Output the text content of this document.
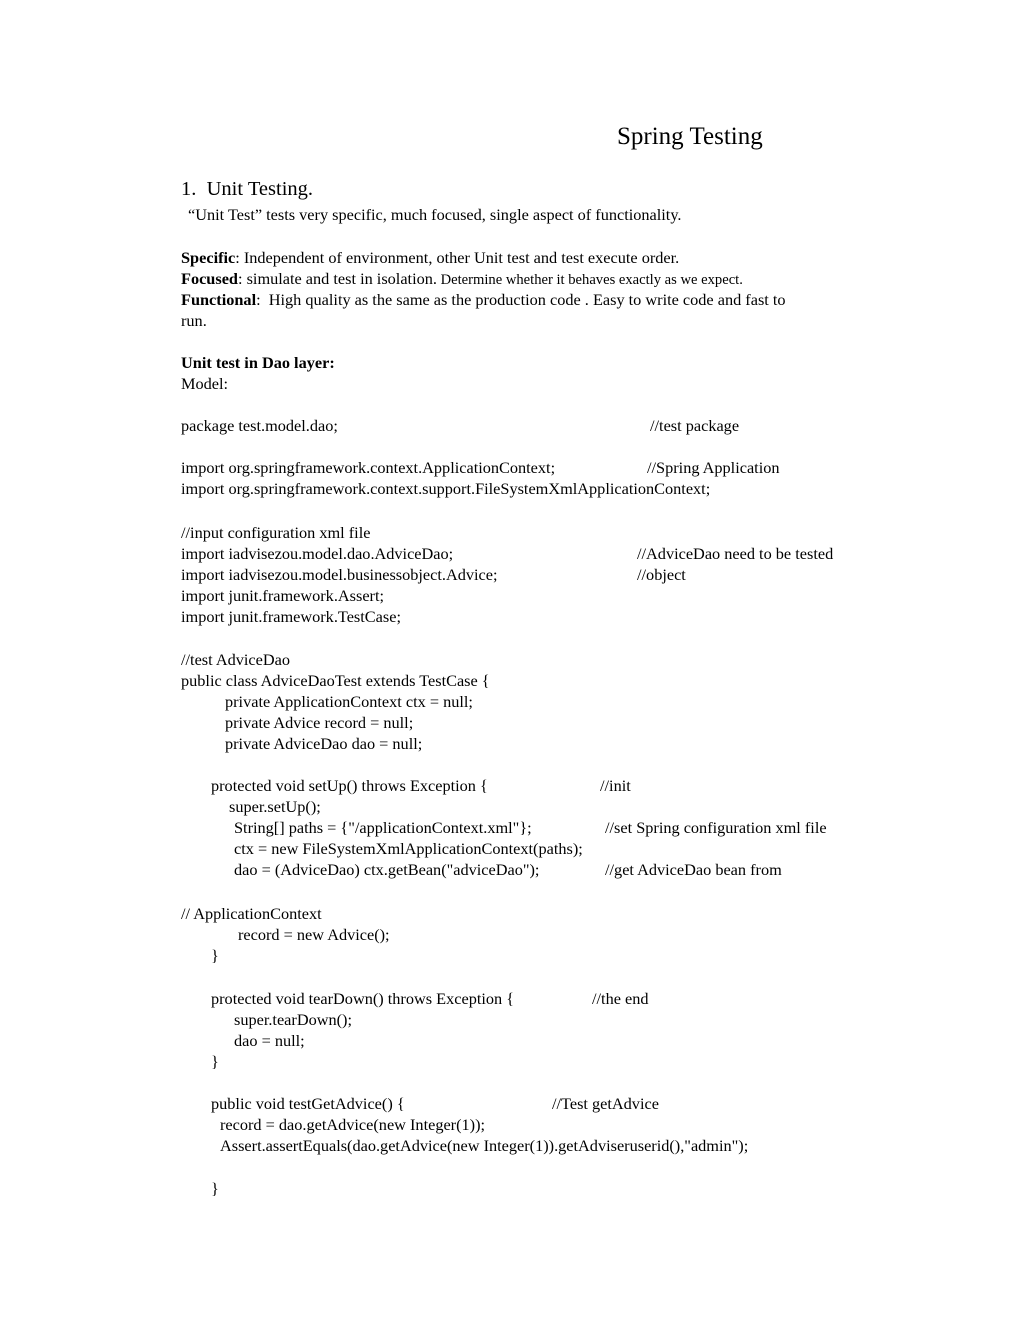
Spring Testing
1. Unit Testing.
“Unit Test” tests very specific, much focused, single aspect of functionality.
Specific: Independent of environment, other Unit test and test execute order.
Focused: simulate and test in isolation. Determine whether it behaves exactly as we expect.
Functional:  High quality as the same as the production code . Easy to write code and fast to
run.
Unit test in Dao layer:
Model:
package test.model.dao;	//test package
import org.springframework.context.ApplicationContext;	//Spring Application
import org.springframework.context.support.FileSystemXmlApplicationContext;
//input configuration xml file
import iadvisezou.model.dao.AdviceDao;	//AdviceDao need to be tested
import iadvisezou.model.businessobject.Advice;	//object
import junit.framework.Assert;
import junit.framework.TestCase;
//test AdviceDao
public class AdviceDaoTest extends TestCase {
private ApplicationContext ctx = null;
private Advice record = null;
private AdviceDao dao = null;
protected void setUp() throws Exception {	//init
super.setUp();
String[] paths = {"/applicationContext.xml"};	//set Spring configuration xml file
ctx = new FileSystemXmlApplicationContext(paths);
dao = (AdviceDao) ctx.getBean("adviceDao");	//get AdviceDao bean from
// ApplicationContext
record = new Advice();
}
protected void tearDown() throws Exception {	//the end
super.tearDown();
dao = null;
}
public void testGetAdvice() {	//Test getAdvice
record = dao.getAdvice(new Integer(1));
Assert.assertEquals(dao.getAdvice(new Integer(1)).getAdviseruserid(),"admin");
}
